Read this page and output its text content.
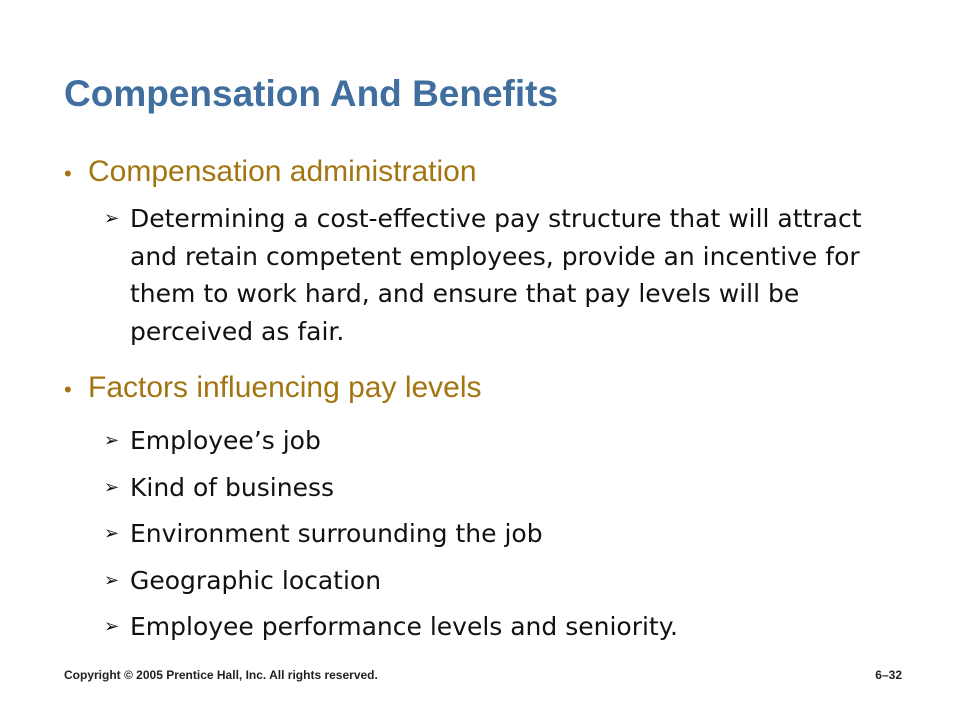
Compensation And Benefits
• Compensation administration
➢ Determining a cost-effective pay structure that will attract and retain competent employees, provide an incentive for them to work hard, and ensure that pay levels will be perceived as fair.
• Factors influencing pay levels
➢ Employee’s job
➢ Kind of business
➢ Environment surrounding the job
➢ Geographic location
➢ Employee performance levels and seniority.
Copyright © 2005 Prentice Hall, Inc. All rights reserved.	6–32
